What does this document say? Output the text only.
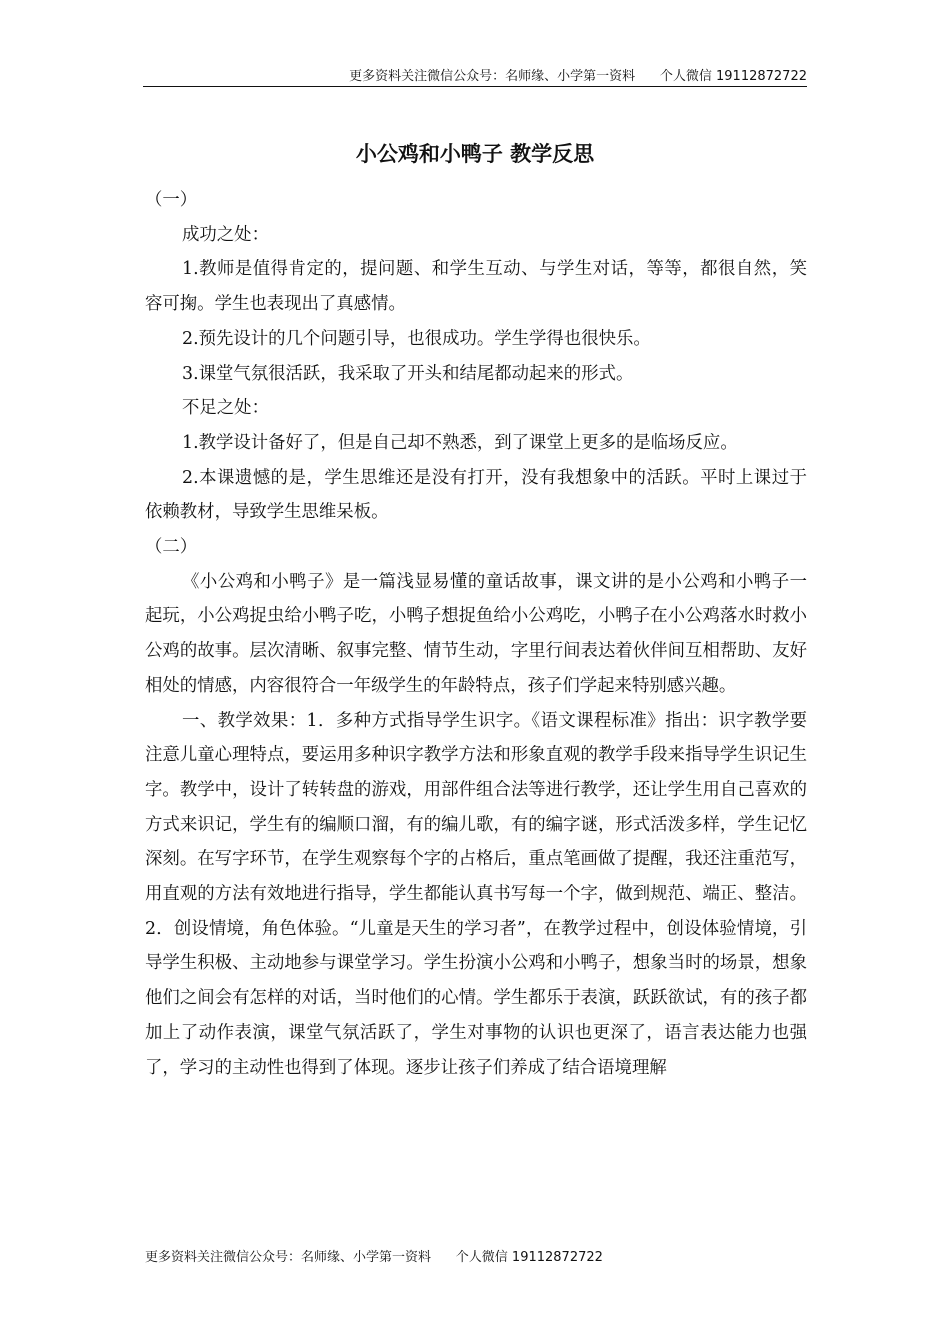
更多资料关注微信公众号：名师缘、小学第一资料      个人微信 19112872722
小公鸡和小鸭子 教学反思

（一）

成功之处：

1.教师是值得肯定的，提问题、和学生互动、与学生对话，等等，都很自然，笑容可掬。学生也表现出了真感情。

2.预先设计的几个问题引导，也很成功。学生学得也很快乐。

3.课堂气氛很活跃，我采取了开头和结尾都动起来的形式。

不足之处：

1.教学设计备好了，但是自己却不熟悉，到了课堂上更多的是临场反应。

2.本课遗憾的是，学生思维还是没有打开，没有我想象中的活跃。平时上课过于依赖教材，导致学生思维呆板。

（二）

《小公鸡和小鸭子》是一篇浅显易懂的童话故事，课文讲的是小公鸡和小鸭子一起玩，小公鸡捉虫给小鸭子吃，小鸭子想捉鱼给小公鸡吃，小鸭子在小公鸡落水时救小公鸡的故事。层次清晰、叙事完整、情节生动，字里行间表达着伙伴间互相帮助、友好相处的情感，内容很符合一年级学生的年龄特点，孩子们学起来特别感兴趣。

一、教学效果：1．多种方式指导学生识字。《语文课程标准》指出：识字教学要注意儿童心理特点，要运用多种识字教学方法和形象直观的教学手段来指导学生识记生字。教学中，设计了转转盘的游戏，用部件组合法等进行教学，还让学生用自己喜欢的方式来识记，学生有的编顺口溜，有的编儿歌，有的编字谜，形式活泼多样，学生记忆深刻。在写字环节，在学生观察每个字的占格后，重点笔画做了提醒，我还注重范写，用直观的方法有效地进行指导，学生都能认真书写每一个字，做到规范、端正、整洁。2．创设情境，角色体验。“儿童是天生的学习者”，在教学过程中，创设体验情境，引导学生积极、主动地参与课堂学习。学生扮演小公鸡和小鸭子，想象当时的场景，想象他们之间会有怎样的对话，当时他们的心情。学生都乐于表演，跃跃欲试，有的孩子都加上了动作表演，课堂气氛活跃了，学生对事物的认识也更深了，语言表达能力也强了，学习的主动性也得到了体现。逐步让孩子们养成了结合语境理解

更多资料关注微信公众号：名师缘、小学第一资料      个人微信 19112872722
